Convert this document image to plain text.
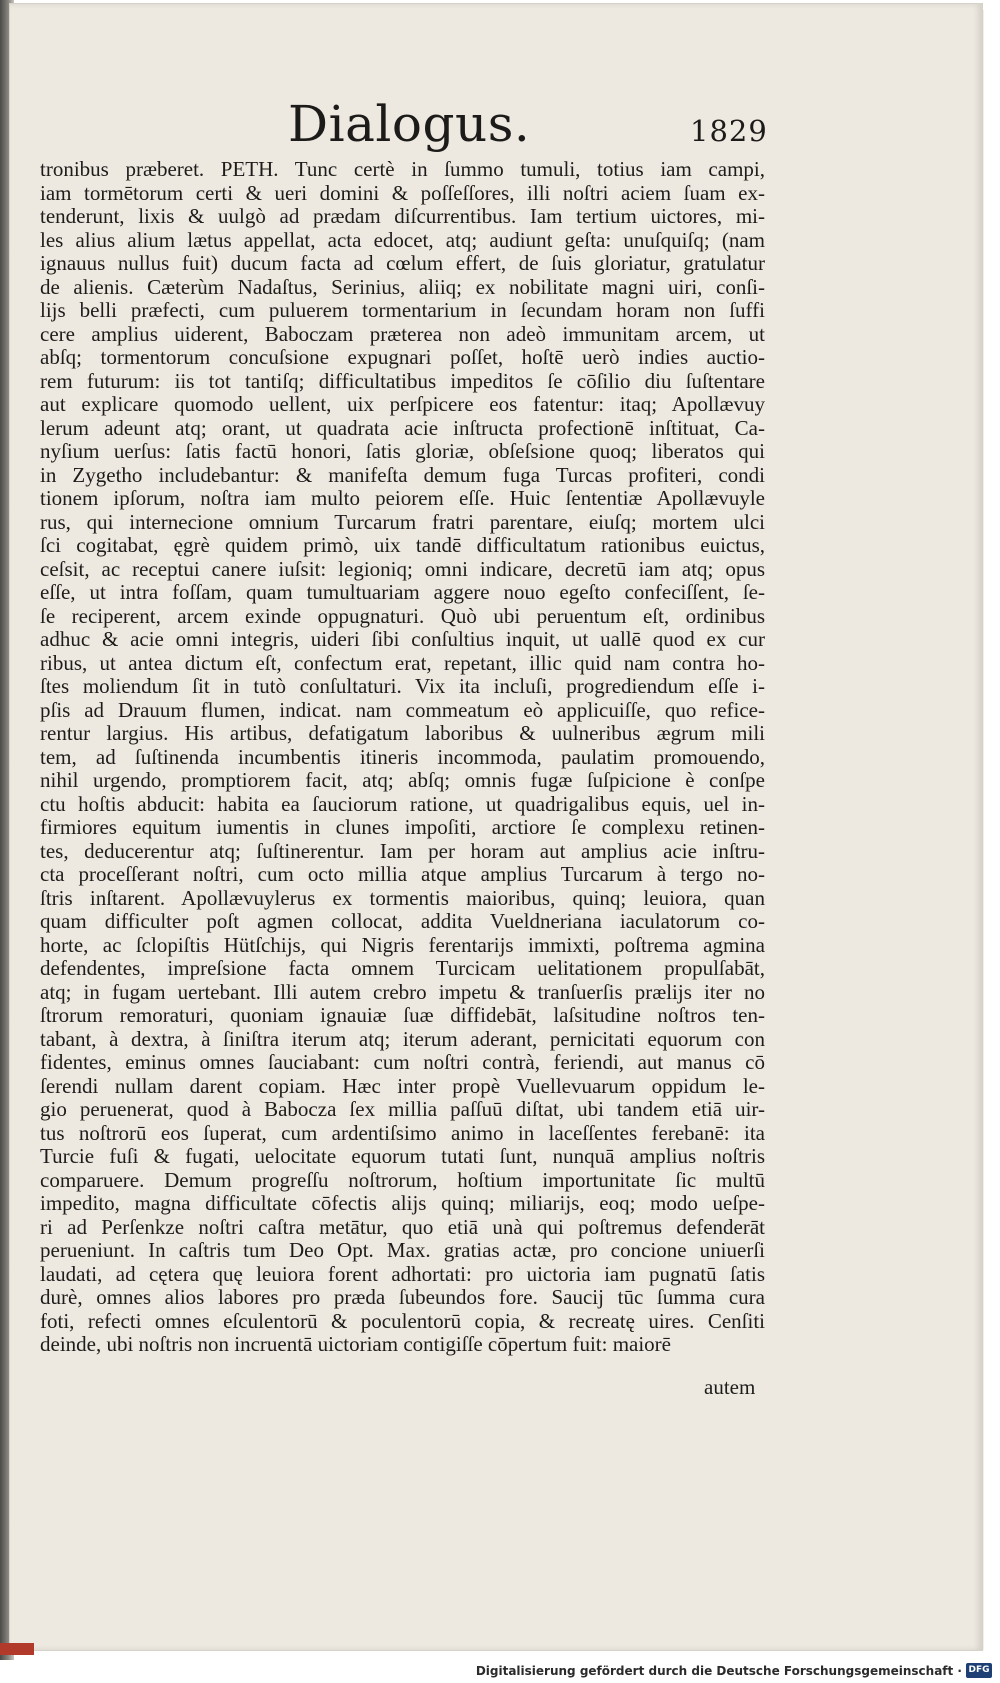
Dialogus.	1829
tronibus præberet. PETH. Tunc certè in ſummo tumuli, totius iam campi,
iam tormētorum certi & ueri domini & poſſeſſores, illi noſtri aciem ſuam ex-
tenderunt, lixis & uulgò ad prædam diſcurrentibus. Iam tertium uictores, mi-
les alius alium lætus appellat, acta edocet, atq; audiunt geſta: unuſquiſq; (nam
ignauus nullus fuit) ducum facta ad cœlum effert, de ſuis gloriatur, gratulatur
de alienis. Cæterùm Nadaſtus, Serinius, aliiq; ex nobilitate magni uiri, conſi-
lijs belli præfecti, cum puluerem tormentarium in ſecundam horam non ſuffi
cere amplius uiderent, Baboczam præterea non adeò immunitam arcem, ut
abſq; tormentorum concuſsione expugnari poſſet, hoſtē uerò indies auctio-
rem futurum: iis tot tantiſq; difficultatibus impeditos ſe cōſilio diu ſuſtentare
aut explicare quomodo uellent, uix perſpicere eos fatentur: itaq; Apollævuy
lerum adeunt atq; orant, ut quadrata acie inſtructa profectionē inſtituat, Ca-
nyſium uerſus: ſatis factū honori, ſatis gloriæ, obſeſsione quoq; liberatos qui
in Zygetho includebantur: & manifeſta demum fuga Turcas profiteri, condi
tionem ipſorum, noſtra iam multo peiorem eſſe. Huic ſententiæ Apollævuyle
rus, qui internecione omnium Turcarum fratri parentare, eiuſq; mortem ulci
ſci cogitabat, ęgrè quidem primò, uix tandē difficultatum rationibus euictus,
ceſsit, ac receptui canere iuſsit: legioniq; omni indicare, decretū iam atq; opus
eſſe, ut intra foſſam, quam tumultuariam aggere nouo egeſto confeciſſent, ſe-
ſe reciperent, arcem exinde oppugnaturi. Quò ubi peruentum eſt, ordinibus
adhuc & acie omni integris, uideri ſibi conſultius inquit, ut uallē quod ex cur
ribus, ut antea dictum eſt, confectum erat, repetant, illic quid nam contra ho-
ſtes moliendum ſit in tutò conſultaturi. Vix ita incluſi, progrediendum eſſe i-
pſis ad Drauum flumen, indicat. nam commeatum eò applicuiſſe, quo refice-
rentur largius. His artibus, defatigatum laboribus & uulneribus ægrum mili
tem, ad ſuſtinenda incumbentis itineris incommoda, paulatim promouendo,
nihil urgendo, promptiorem facit, atq; abſq; omnis fugæ ſuſpicione è conſpe
ctu hoſtis abducit: habita ea ſauciorum ratione, ut quadrigalibus equis, uel in-
firmiores equitum iumentis in clunes impoſiti, arctiore ſe complexu retinen-
tes, deducerentur atq; ſuſtinerentur. Iam per horam aut amplius acie inſtru-
cta proceſſerant noſtri, cum octo millia atque amplius Turcarum à tergo no-
ſtris inſtarent. Apollævuylerus ex tormentis maioribus, quinq; leuiora, quan
quam difficulter poſt agmen collocat, addita Vueldneriana iaculatorum co-
horte, ac ſclopiſtis Hütſchijs, qui Nigris ferentarijs immixti, poſtrema agmina
defendentes, impreſsione facta omnem Turcicam uelitationem propulſabāt,
atq; in fugam uertebant. Illi autem crebro impetu & tranſuerſis prælijs iter no
ſtrorum remoraturi, quoniam ignauiæ ſuæ diffidebāt, laſsitudine noſtros ten-
tabant, à dextra, à ſiniſtra iterum atq; iterum aderant, pernicitati equorum con
fidentes, eminus omnes ſauciabant: cum noſtri contrà, feriendi, aut manus cō
ſerendi nullam darent copiam. Hæc inter propè Vuellevuarum oppidum le-
gio peruenerat, quod à Babocza ſex millia paſſuū diſtat, ubi tandem etiā uir-
tus noſtrorū eos ſuperat, cum ardentiſsimo animo in laceſſentes ferebanē: ita
Turcie fuſi & fugati, uelocitate equorum tutati ſunt, nunquā amplius noſtris
comparuere. Demum progreſſu noſtrorum, hoſtium importunitate ſic multū
impedito, magna difficultate cōfectis alijs quinq; miliarijs, eoq; modo ueſpe-
ri ad Perſenkze noſtri caſtra metātur, quo etiā unà qui poſtremus defenderāt
perueniunt. In caſtris tum Deo Opt. Max. gratias actæ, pro concione uniuerſi
laudati, ad cętera quę leuiora forent adhortati: pro uictoria iam pugnatū ſatis
durè, omnes alios labores pro præda ſubeundos fore. Saucij tūc ſumma cura
foti, refecti omnes eſculentorū & poculentorū copia, & recreatę uires. Cenſiti
deinde, ubi noſtris non incruentā uictoriam contigiſſe cōpertum fuit: maiorē
autem
Digitalisierung gefördert durch die Deutsche Forschungsgemeinschaft · DFG
